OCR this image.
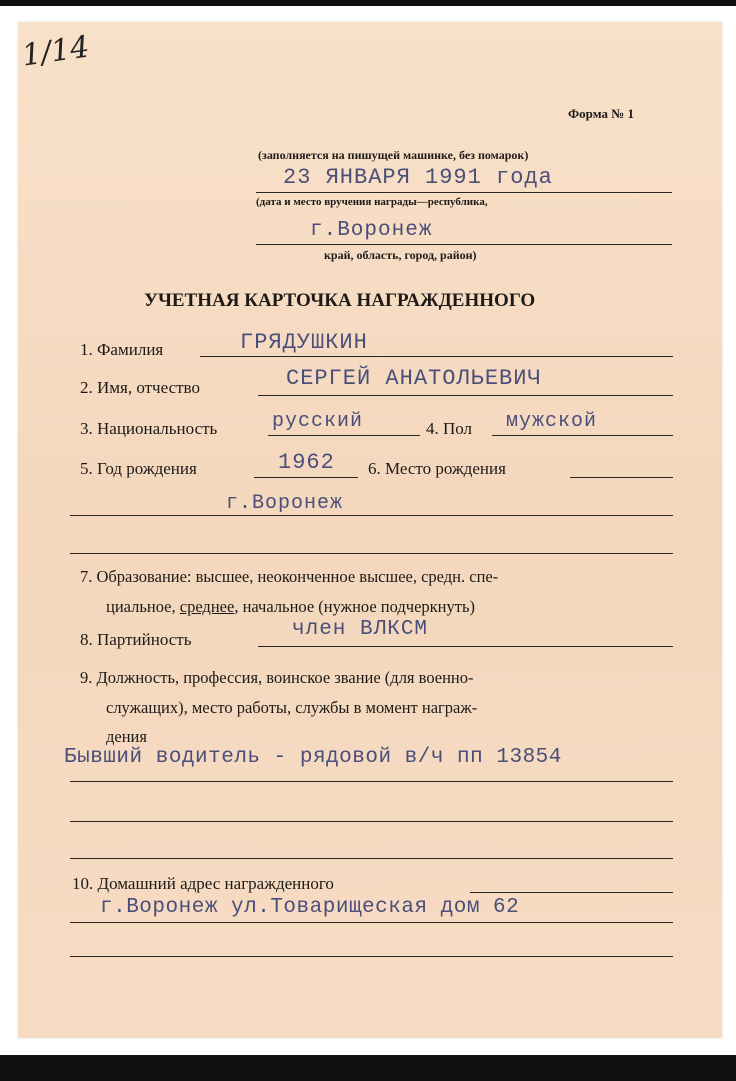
1/14
Форма № 1
(заполняется на пишущей машинке, без помарок)
23 ЯНВАРЯ 1991 года
(дата и место вручения награды—республика,
г.Воронеж
край, область, город, район)
УЧЕТНАЯ КАРТОЧКА НАГРАЖДЕННОГО
1. Фамилия	ГРЯДУШКИН
2. Имя, отчество	СЕРГЕЙ АНАТОЛЬЕВИЧ
3. Национальность	русский	4. Пол мужской
5. Год рождения	1962 6. Место рождения
г.Воронеж
7. Образование: высшее, неоконченное высшее, средн. спе-
циальное, среднее, начальное (нужное подчеркнуть)
8. Партийность	член ВЛКСМ
9. Должность, профессия, воинское звание (для военно-
служащих), место работы, службы в момент награж-
дения
Бывший водитель - рядовой в/ч пп 13854
10. Домашний адрес награжденного
г.Воронеж ул.Товарищеская дом 62
